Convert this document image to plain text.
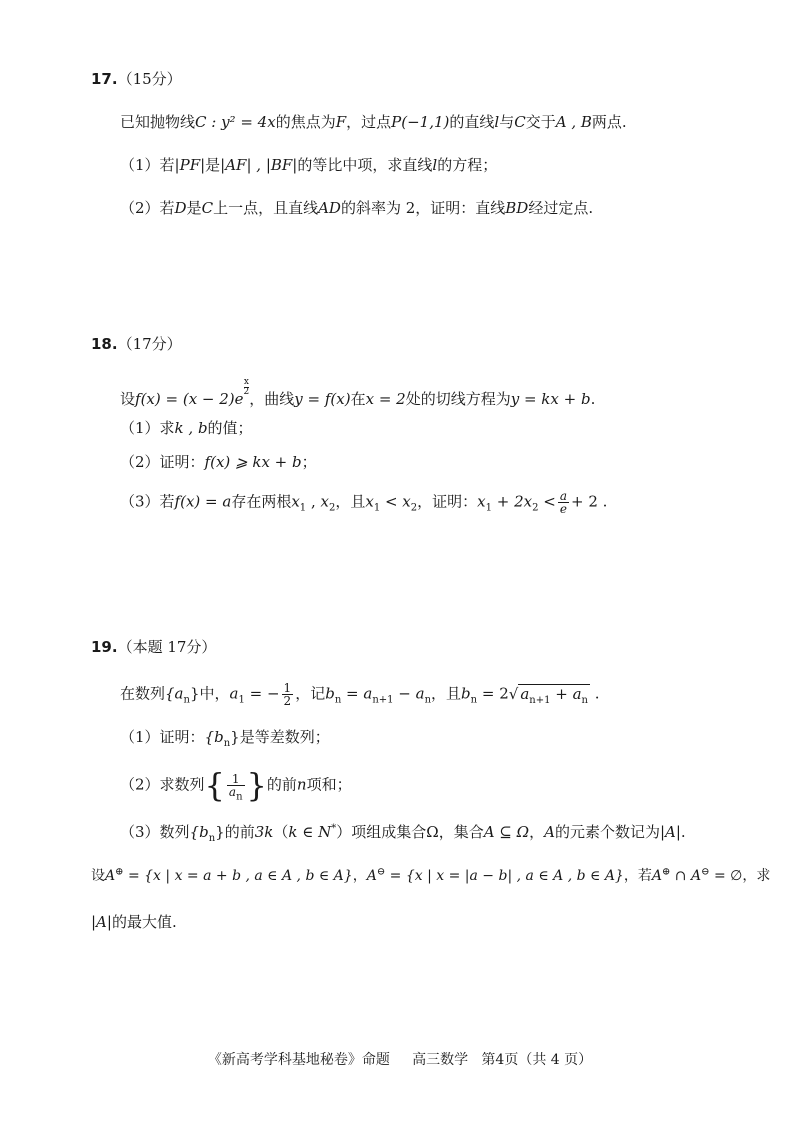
17.（15分）
已知抛物线C : y² = 4x的焦点为F，过点P(−1,1)的直线l与C交于A , B两点.
（1）若|PF|是|AF| , |BF|的等比中项，求直线l的方程；
（2）若D是C上一点，且直线AD的斜率为 2，证明：直线BD经过定点.
18.（17分）
设f(x) = (x − 2)e
$^{\frac{x}{2}}$
，曲线y = f(x)在x = 2处的切线方程为y = kx + b.
（1）求k , b的值；
（2）证明：f(x) ⩾ kx + b；
（3）若f(x) = a存在两根$x_1$ , $x_2$，且$x_1 < x_2$，证明：$x_1 + 2x_2 < \frac{a}{e} + 2$ .
19.（本题 17分）
在数列$\{a_n\}$中，$a_1$ = − $\frac{1}{2}$ ，记$b_n = a_{n+1} - a_n$，且$b_n = 2√$ $a_{n+1} + a_n$ .
（1）证明：$\{b_n\}$是等差数列；
（2）求数列{ $\frac{1}{a_n}$ }的前n项和；
（3）数列$\{b_n\}$的前3k（k ∈ N*）项组成集合Ω，集合A ⊆ Ω，A的元素个数记为|A|.
设A⊕ = {x | x = a + b , a ∈ A , b ∈ A}，A⊖ = {x | x = |a − b| , a ∈ A , b ∈ A}，若A⊕ ∩ A⊖ = ∅，求
|A|的最大值.
《新高考学科基地秘卷》命题     高三数学   第4页（共 4 页）
